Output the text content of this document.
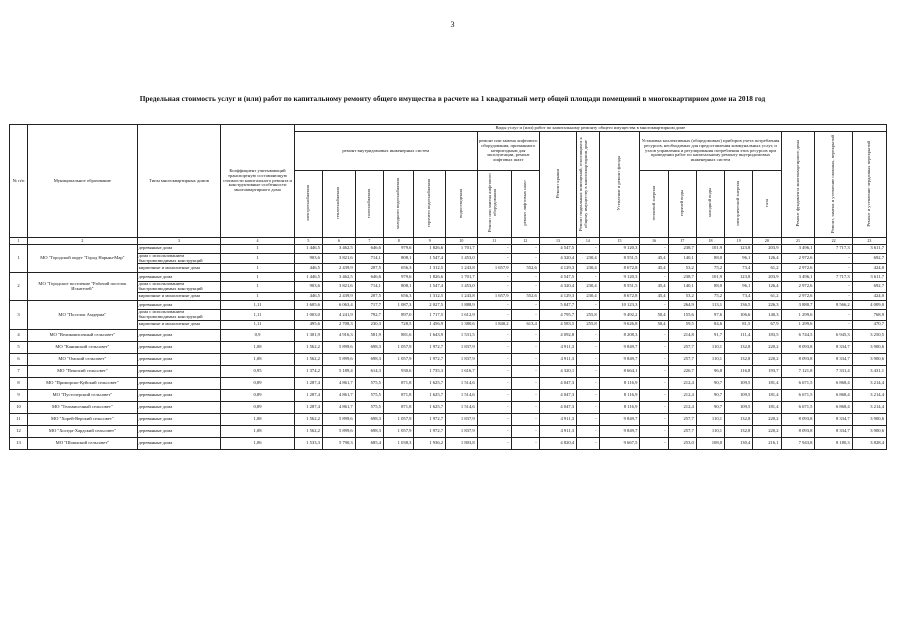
3
Предельная стоимость услуг и (или) работ по капитальному ремонту общего имущества в расчете на 1 квадратный метр общей площади помещений в многоквартирном доме на 2018 год
№ п/п	Муниципальное образование	Типы многоквартирных домов	Коэффициент учитывающий транспортную составляющую стоимости капитального ремонта и конструктивные особенности многоквартирного дома	Виды услуг и (или) работ по капитальному ремонту общего имущества в многоквартирном доме																		
				ремонт внутридомовых инженерных систем						ремонт или замена лифтового оборудования, признанного непригодным для эксплуатации, ремонт лифтовых шахт		Ремонт крыши	Ремонт подвальных помещений, относящихся к общему имуществу в многоквартирном доме	Утепление и ремонт фасада	Установка коллективных (общедомовых) приборов учета потребления ресурсов, необходимых для предоставления коммунальных услуг, и узлов управления и регулирования потребления этих ресурсов при проведении работ по капитальному ремонту внутридомовых инженерных систем					Ремонт фундамента многоквартирного дома	Ремонт, замена и утепление оконных, перекрытий	Ремонт и утепление чердачных перекрытий
				электроснабжения	теплоснабжения	газоснабжения	холодного водоснабжения	горячего водоснабжения	водоотведения	Ремонт или замена лифтового оборудования	ремонт лифтовых шахт				тепловой энергии	горячей воды	холодной воды	электрической энергии	газа			
1	2	3	4	5	6	7	8	9	10	11	12	13	14	15	16	17	18	19	20	21	22	23
1	МО "Городской округ "Город Нарьян-Мар"	деревянные дома	1	1 446,5	3 462,5	646,6	979,6	1 826,6	1 701,7	-	-	4 547,5	-	9 120,3	-	238,7	101,9	123,8	203,9	3 496,1	7 717,3	3 611,7
		дома с использованием быстровозводимых конструкций	1	903,6	3 821,6	714,1	808,1	1 547,4	1 453,0	-	-	4 320,4	230,4	8 551,5	45,4	140,1	88,0	96,1	126,4	2 972,6	-	692,7
		кирпичные и монолитные дома	1	446,5	2 439,9	207,5	656,3	1 312,5	1 243,8	1 657,9	552,6	4 129,3	230,4	8 672,8	45,4	53,2	75,2	73,4	61,2	2 972,6	-	424,0
2	МО "Городское поселение "Рабочий поселок Искателей"	деревянные дома	1	1 446,5	3 462,5	646,6	979,6	1 826,6	1 701,7	-	-	4 547,5	-	9 120,3	-	238,7	101,9	123,8	203,9	3 496,1	7 717,3	3 611,7
		дома с использованием быстровозводимых конструкций	1	903,6	3 821,6	714,1	808,1	1 547,4	1 453,0	-	-	4 320,4	230,4	8 551,5	45,4	140,1	88,0	96,1	126,4	2 972,6	-	692,7
		кирпичные и монолитные дома	1	446,5	2 439,9	207,5	656,3	1 312,5	1 243,8	1 657,9	552,6	4 129,3	230,4	8 672,8	45,4	53,2	75,2	73,4	61,2	2 972,6	-	424,0
3	МО "Поселок Амдерма"	деревянные дома	1,11	1 605,6	6 063,4	717,7	1 087,3	2 027,5	1 888,9	-	-	5 047,7	-	10 123,3	-	264,9	113,1	136,5	226,3	3 880,7	8 566,2	4 009,0
		дома с использованием быстровозводимых конструкций	1,11	1 003,0	4 241,9	792,7	897,0	1 717,5	1 612,9	-	-	4 795,7	255,8	9 492,2	50,4	155,6	97,6	106,6	140,3	1 299,6	-	768,9
		кирпичные и монолитные дома	1,11	495,6	2 708,3	230,3	728,5	1 456,9	1 380,6	1 840,2	613,4	4 583,5	255,8	9 626,8	50,4	59,5	84,6	81,5	67,9	1 299,6	-	470,7
4	МО "Великовисочный сельсовет"	деревянные дома	0,9	1 301,9	4 916,3	581,9	881,6	1 643,9	1 531,5	-	-	4 092,8	-	8 208,3	-	214,8	91,7	111,4	183,5	6 744,5	6 945,3	3 250,5
5	МО "Канинский сельсовет"	деревянные дома	1,08	1 562,2	5 899,6	698,3	1 057,9	1 972,7	1 837,9	-	-	4 911,3	-	9 849,7	-	257,7	110,1	132,8	220,2	8 093,8	8 334,7	3 900,6
6	МО "Омский сельсовет"	деревянные дома	1,08	1 562,2	5 899,6	698,3	1 057,9	1 972,7	1 837,9	-	-	4 911,3	-	9 849,7	-	257,7	110,1	132,8	220,2	8 093,8	8 334,7	3 900,6
7	МО "Пешский сельсовет"	деревянные дома	0,95	1 374,2	5 189,4	614,3	930,6	1 735,3	1 616,7	-	-	4 320,1	-	8 664,1	-	226,7	96,8	116,8	193,7	7 121,8	7 331,4	3 431,1
8	МО "Приморско-Куйский сельсовет"	деревянные дома	0,89	1 287,4	4 861,7	575,5	871,8	1 625,7	1 514,6	-	-	4 047,3	-	8 116,9	-	212,4	90,7	109,5	181,4	6 671,5	6 868,4	3 214,4
9	МО "Пустозерский сельсовет"	деревянные дома	0,89	1 287,4	4 861,7	575,5	871,8	1 625,7	1 514,6	-	-	4 047,3	-	8 116,9	-	212,4	90,7	109,5	181,4	6 671,5	6 868,4	3 214,4
10	МО "Тельвисочный сельсовет"	деревянные дома	0,89	1 287,4	4 861,7	575,5	871,8	1 625,7	1 514,6	-	-	4 047,3	-	8 116,9	-	212,4	90,7	109,5	181,4	6 671,5	6 868,4	3 214,4
11	МО "Хорей-Верский сельсовет"	деревянные дома	1,08	1 562,2	5 899,6	698,3	1 057,9	1 972,7	1 837,9	-	-	4 911,3	-	9 849,7	-	257,7	110,1	132,8	220,2	8 093,8	8 334,7	3 900,6
12	МО "Хоседа-Хардский сельсовет"	деревянные дома	1,08	1 562,2	5 899,6	698,3	1 057,9	1 972,7	1 837,9	-	-	4 911,3	-	9 849,7	-	257,7	110,1	132,8	220,2	8 093,8	8 334,7	3 900,6
13	МО "Шоинский сельсовет"	деревянные дома	1,06	1 533,3	5 790,3	685,4	1 038,3	1 936,2	1 803,8	-	-	4 820,4	-	9 667,5	-	253,0	108,0	130,4	216,1	7 943,8	8 180,3	3 828,4
